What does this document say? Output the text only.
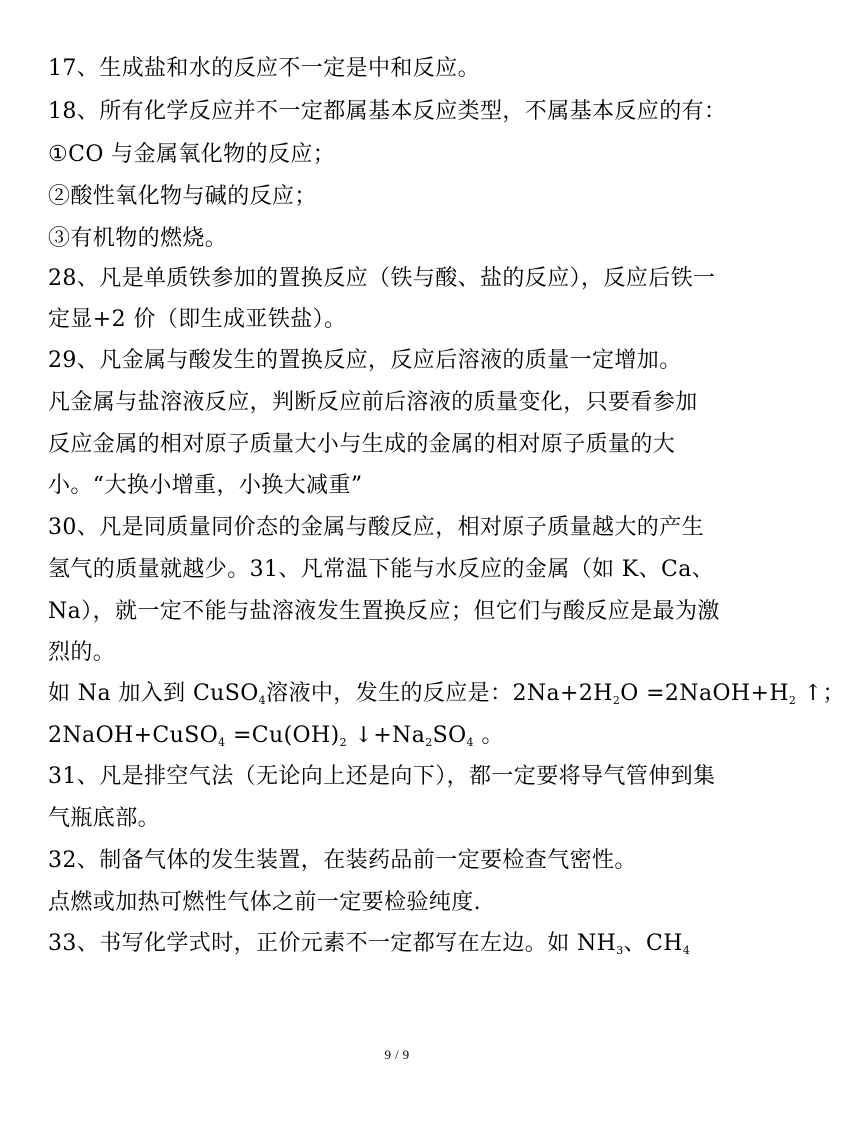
17、生成盐和水的反应不一定是中和反应。
18、所有化学反应并不一定都属基本反应类型，不属基本反应的有：
①CO 与金属氧化物的反应；
②酸性氧化物与碱的反应；
③有机物的燃烧。
28、凡是单质铁参加的置换反应（铁与酸、盐的反应），反应后铁一
定显+2 价（即生成亚铁盐）。
29、凡金属与酸发生的置换反应，反应后溶液的质量一定增加。
凡金属与盐溶液反应，判断反应前后溶液的质量变化，只要看参加
反应金属的相对原子质量大小与生成的金属的相对原子质量的大
小。“大换小增重，小换大减重”
30、凡是同质量同价态的金属与酸反应，相对原子质量越大的产生
氢气的质量就越少。31、凡常温下能与水反应的金属（如 K、Ca、
Na），就一定不能与盐溶液发生置换反应；但它们与酸反应是最为激
烈的。
如 Na 加入到 CuSO$_4$溶液中，发生的反应是：$2Na+2H_2O$ $=2NaOH+H_2$ ↑；
2NaOH+CuSO$_4$ $=Cu(OH)_2$ $↓+Na_2SO_4$ 。
31、凡是排空气法（无论向上还是向下），都一定要将导气管伸到集
气瓶底部。
32、制备气体的发生装置，在装药品前一定要检查气密性。
点燃或加热可燃性气体之前一定要检验纯度.
33、书写化学式时，正价元素不一定都写在左边。如 $NH_3$、$CH_4$
9 / 9
